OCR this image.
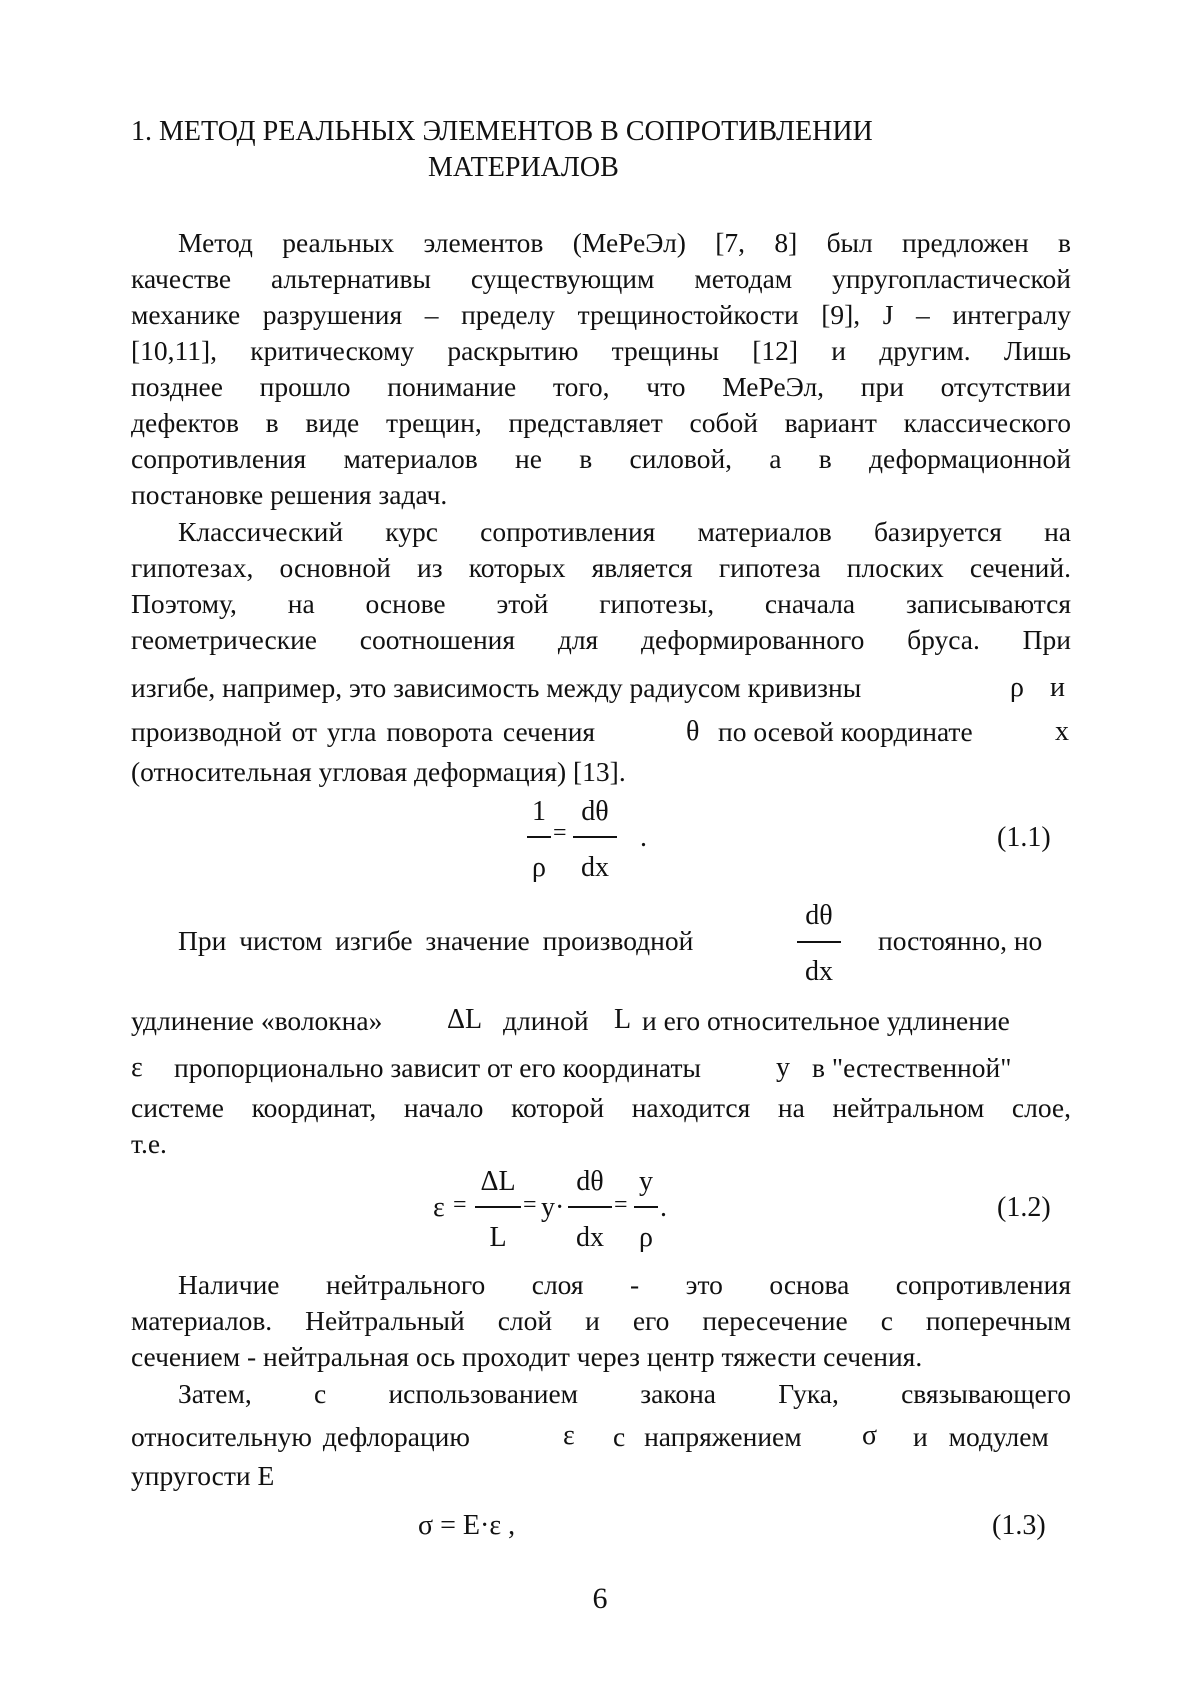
1. МЕТОД РЕАЛЬНЫХ ЭЛЕМЕНТОВ В СОПРОТИВЛЕНИИ
МАТЕРИАЛОВ
Метод реальных элементов (МеРеЭл) [7, 8] был предложен в
качестве альтернативы существующим методам упругопластической
механике разрушения – пределу трещиностойкости [9], J – интегралу
[10,11], критическому раскрытию трещины [12] и другим. Лишь
позднее прошло понимание того, что МеРеЭл, при отсутствии
дефектов в виде трещин, представляет собой вариант классического
сопротивления материалов не в силовой, а в деформационной
постановке решения задач.
Классический курс сопротивления материалов базируется на
гипотезах, основной из которых является гипотеза плоских сечений.
Поэтому, на основе этой гипотезы, сначала записываются
геометрические соотношения для деформированного бруса. При
изгибе, например, это зависимость между радиусом кривизны	ρ и
производной от угла поворота сечения	θ по осевой координате	x
(относительная угловая деформация) [13].
1
ρ
=
dθ
dx
.	(1.1)
При чистом изгибе значение производной
dθ
dx
постоянно, но
удлинение «волокна» ΔL длиной L и его относительное удлинение
ε пропорционально зависит от его координаты	y в "естественной"
системе координат, начало которой находится на нейтральном слое,
т.е.
ε =
ΔL
L
= y·
dθ
dx
=
y
ρ
.	(1.2)
Наличие нейтрального слоя - это основа сопротивления
материалов. Нейтральный слой и его пересечение с поперечным
сечением - нейтральная ось проходит через центр тяжести сечения.
Затем, с использованием закона Гука, связывающего
относительную дефлорацию	ε с напряжением σ и модулем
упругости E
σ = E·ε ,	(1.3)
6
